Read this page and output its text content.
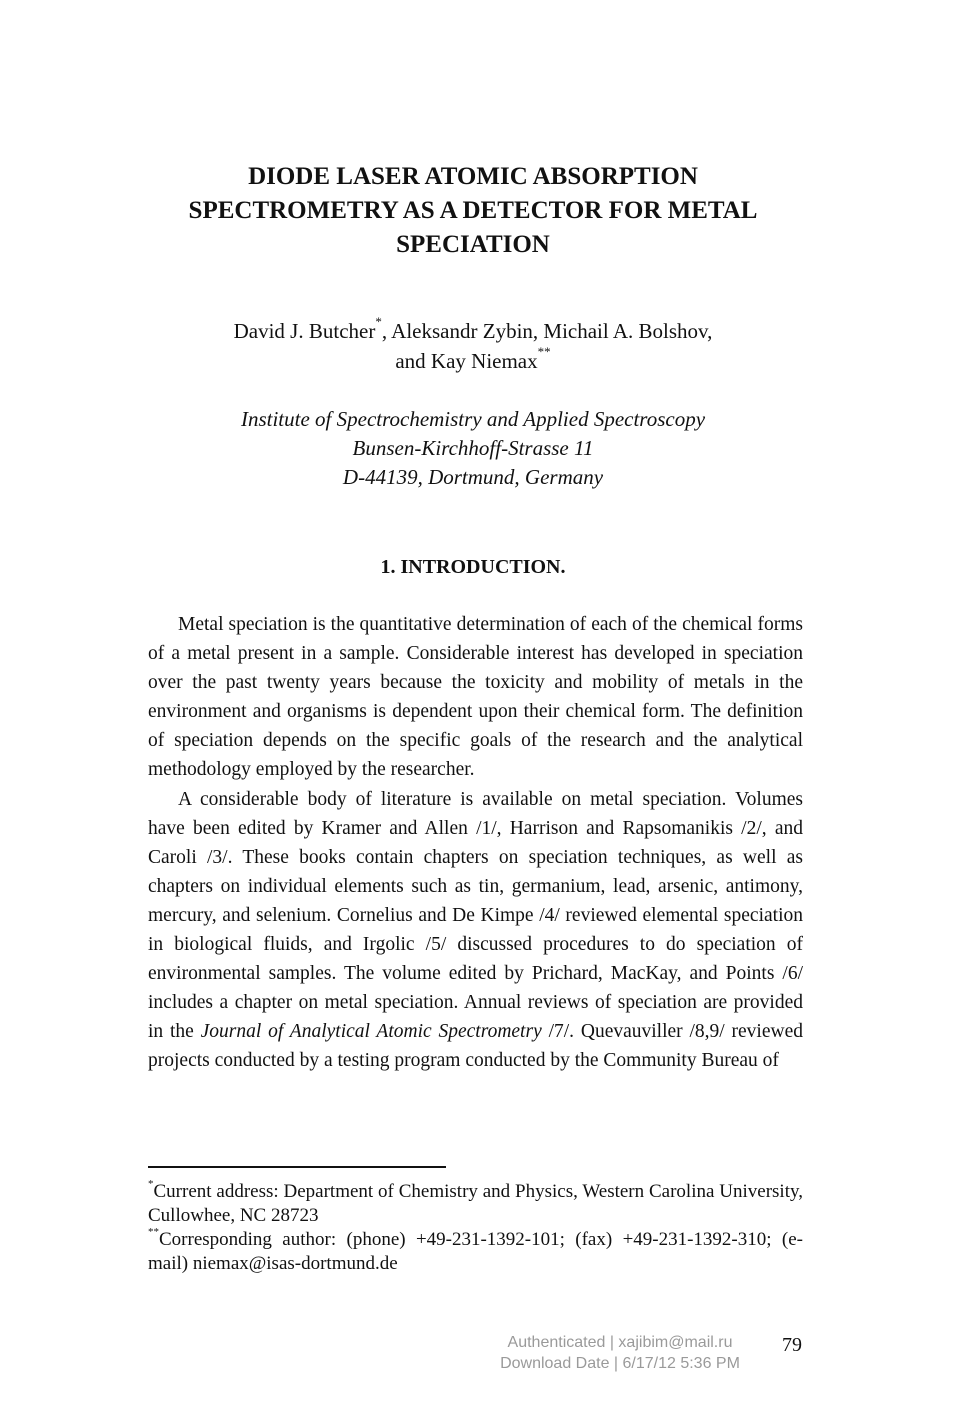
DIODE LASER ATOMIC ABSORPTION
SPECTROMETRY AS A DETECTOR FOR METAL
SPECIATION
David J. Butcher*, Aleksandr Zybin, Michail A. Bolshov,
and Kay Niemax**
Institute of Spectrochemistry and Applied Spectroscopy
Bunsen-Kirchhoff-Strasse 11
D-44139, Dortmund, Germany
1. INTRODUCTION.

Metal speciation is the quantitative determination of each of the chemical forms of a metal present in a sample. Considerable interest has developed in speciation over the past twenty years because the toxicity and mobility of metals in the environment and organisms is dependent upon their chemical form. The definition of speciation depends on the specific goals of the research and the analytical methodology employed by the researcher.

A considerable body of literature is available on metal speciation. Volumes have been edited by Kramer and Allen /1/, Harrison and Rapsomanikis /2/, and Caroli /3/. These books contain chapters on speciation techniques, as well as chapters on individual elements such as tin, germanium, lead, arsenic, antimony, mercury, and selenium. Cornelius and De Kimpe /4/ reviewed elemental speciation in biological fluids, and Irgolic /5/ discussed procedures to do speciation of environmental samples. The volume edited by Prichard, MacKay, and Points /6/ includes a chapter on metal speciation. Annual reviews of speciation are provided in the Journal of Analytical Atomic Spectrometry /7/. Quevauviller /8,9/ reviewed projects conducted by a testing program conducted by the Community Bureau of

*Current address: Department of Chemistry and Physics, Western Carolina University, Cullowhee, NC 28723

**Corresponding author: (phone) +49-231-1392-101; (fax) +49-231-1392-310; (e-mail) niemax@isas-dortmund.de

Authenticated | xajibim@mail.ru
Download Date | 6/17/12 5:36 PM
79
